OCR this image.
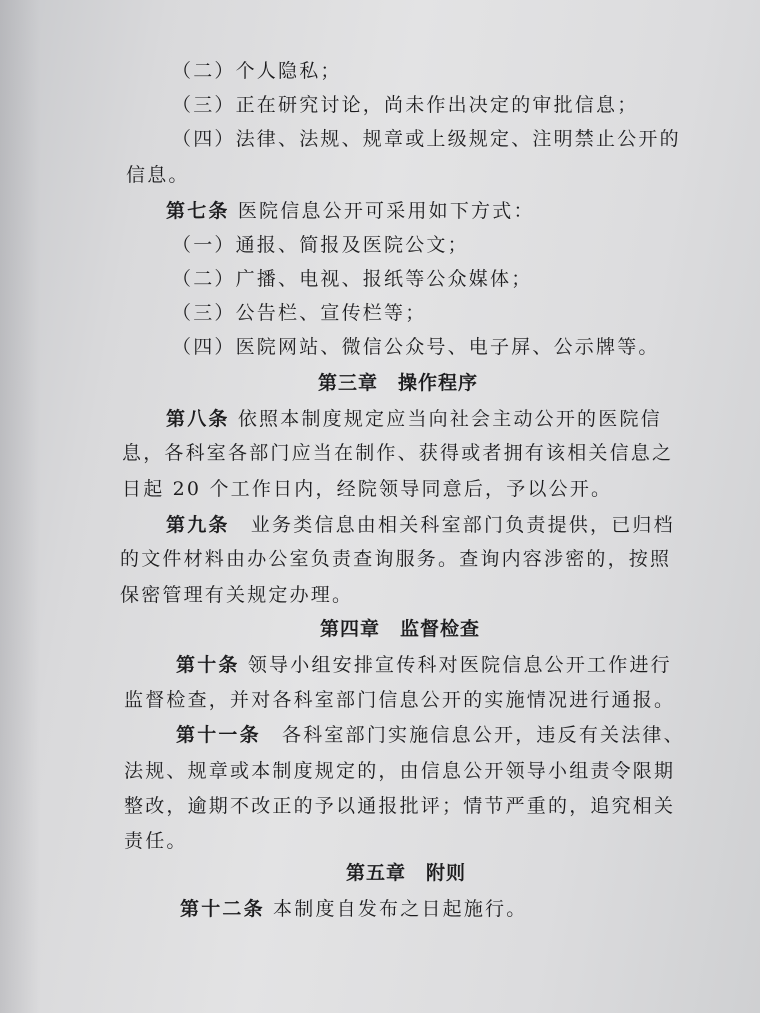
（二）个人隐私；
（三）正在研究讨论，尚未作出决定的审批信息；
（四）法律、法规、规章或上级规定、注明禁止公开的
信息。
第七条 医院信息公开可采用如下方式：
（一）通报、简报及医院公文；
（二）广播、电视、报纸等公众媒体；
（三）公告栏、宣传栏等；
（四）医院网站、微信公众号、电子屏、公示牌等。
第三章　操作程序
第八条 依照本制度规定应当向社会主动公开的医院信
息，各科室各部门应当在制作、获得或者拥有该相关信息之
日起 20 个工作日内，经院领导同意后，予以公开。
第九条　业务类信息由相关科室部门负责提供，已归档
的文件材料由办公室负责查询服务。查询内容涉密的，按照
保密管理有关规定办理。
第四章　监督检查
第十条 领导小组安排宣传科对医院信息公开工作进行
监督检查，并对各科室部门信息公开的实施情况进行通报。
第十一条　各科室部门实施信息公开，违反有关法律、
法规、规章或本制度规定的，由信息公开领导小组责令限期
整改，逾期不改正的予以通报批评；情节严重的，追究相关
责任。
第五章　附则
第十二条 本制度自发布之日起施行。
